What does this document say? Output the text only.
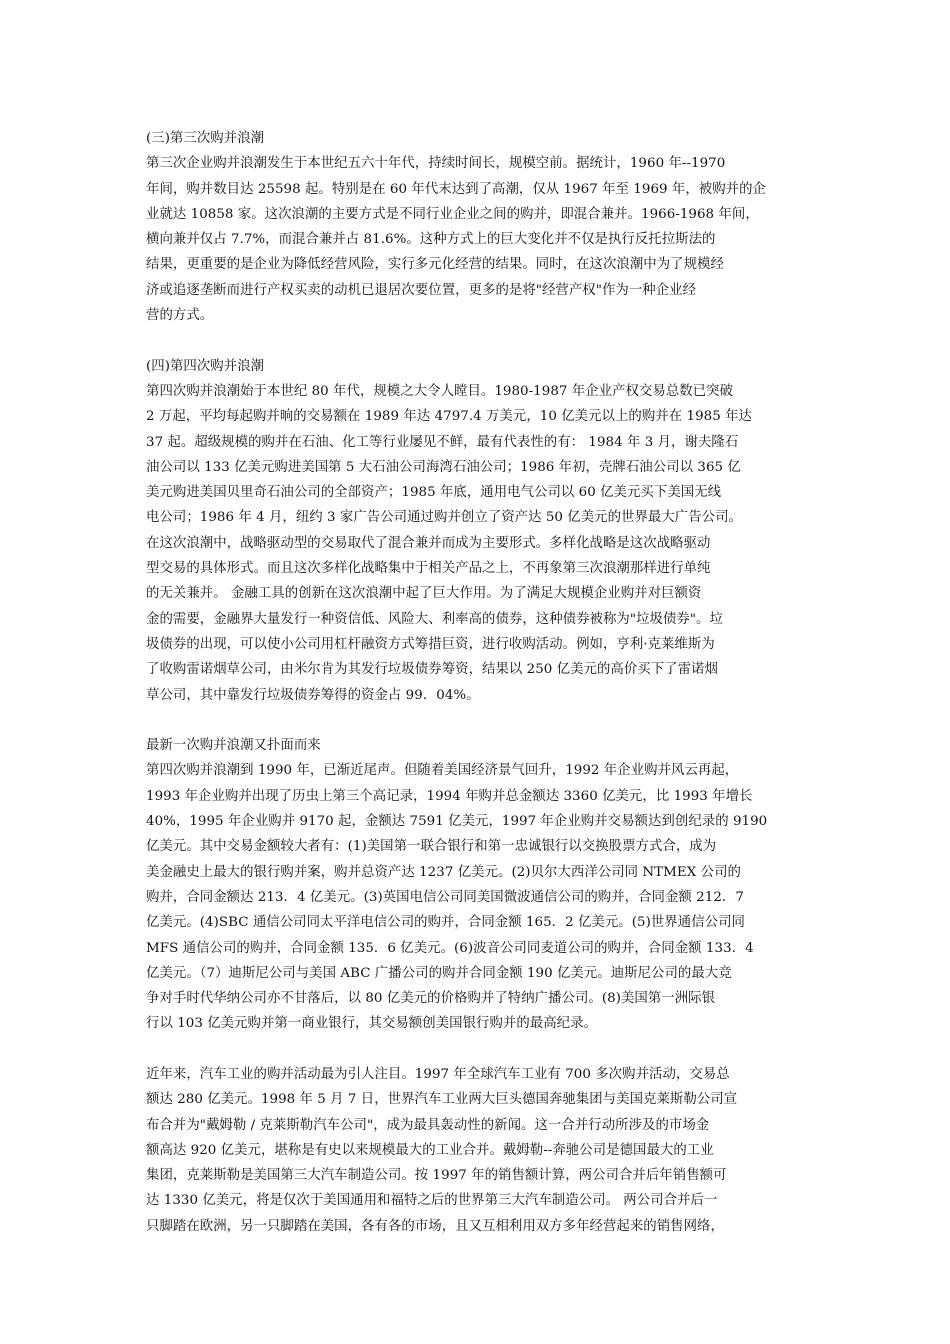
(三)第三次购并浪潮
第三次企业购并浪潮发生于本世纪五六十年代，持续时间长，规模空前。据统计，1960 年--1970
年间，购并数目达 25598 起。特别是在 60 年代末达到了高潮，仅从 1967 年至 1969 年，被购并的企
业就达 10858 家。这次浪潮的主要方式是不同行业企业之间的购并，即混合兼并。1966-1968 年间，
横向兼并仅占 7.7%，而混合兼并占 81.6%。这种方式上的巨大变化并不仅是执行反托拉斯法的
结果，更重要的是企业为降低经营风险，实行多元化经营的结果。同时，在这次浪潮中为了规模经
济或追逐垄断而进行产权买卖的动机已退居次要位置，更多的是将"经营产权"作为一种企业经
营的方式。
(四)第四次购并浪潮
第四次购并浪潮始于本世纪 80 年代，规模之大令人瞠目。1980-1987 年企业产权交易总数已突破
2 万起，平均每起购并晌的交易额在 1989 年达 4797.4 万美元，10 亿美元以上的购并在 1985 年达
37 起。超级规模的购并在石油、化工等行业屡见不鲜，最有代表性的有： 1984 年 3 月，谢夫隆石
油公司以 133 亿美元购进美国第 5 大石油公司海湾石油公司；1986 年初，壳牌石油公司以 365 亿
美元购进美国贝里奇石油公司的全部资产；1985 年底，通用电气公司以 60 亿美元买下美国无线
电公司；1986 年 4 月，纽约 3 家广告公司通过购并创立了资产达 50 亿美元的世界最大广告公司。
在这次浪潮中，战略驱动型的交易取代了混合兼并而成为主要形式。多样化战略是这次战略驱动
型交易的具体形式。而且这次多样化战略集中于相关产品之上，不再象第三次浪潮那样进行单纯
的无关兼并。 金融工具的创新在这次浪潮中起了巨大作用。为了满足大规模企业购并对巨额资
金的需要，金融界大量发行一种资信低、风险大、利率高的债券，这种债券被称为"垃圾债券"。垃
圾债券的出现，可以使小公司用杠杆融资方式筹措巨资，进行收购活动。例如，亨利·克莱维斯为
了收购雷诺烟草公司，由米尔肯为其发行垃圾债券筹资，结果以 250 亿美元的高价买下了雷诺烟
草公司，其中靠发行垃圾债券筹得的资金占 99．04%。
最新一次购并浪潮又扑面而来
第四次购并浪潮到 1990 年，已渐近尾声。但随着美国经济景气回升，1992 年企业购并风云再起，
1993 年企业购并出现了历虫上第三个高记录，1994 年购并总金额达 3360 亿美元，比 1993 年增长
40%，1995 年企业购并 9170 起，金额达 7591 亿美元，1997 年企业购并交易额达到创纪录的 9190
亿美元。其中交易金额较大者有：(1)美国第一联合银行和第一忠诚银行以交换股票方式合，成为
美金融史上最大的银行购并案，购并总资产达 1237 亿美元。(2)贝尔大西洋公司同 NTMEX 公司的
购并，合同金额达 213．4 亿美元。(3)英国电信公司同美国微波通信公司的购并，合同金额 212．7
亿美元。(4)SBC 通信公司同太平洋电信公司的购并，合同金额 165．2 亿美元。(5)世界通信公司同
MFS 通信公司的购并，合同金额 135．6 亿美元。(6)波音公司同麦道公司的购并，合同金额 133．4
亿美元。（7）迪斯尼公司与美国 ABC 广播公司的购并合同金额 190 亿美元。迪斯尼公司的最大竞
争对手时代华纳公司亦不甘落后，以 80 亿美元的价格购并了特纳广播公司。(8)美国第一洲际银
行以 103 亿美元购并第一商业银行，其交易额创美国银行购并的最高纪录。
近年来，汽车工业的购并活动最为引人注目。1997 年全球汽车工业有 700 多次购并活动，交易总
额达 280 亿美元。1998 年 5 月 7 日，世界汽车工业两大巨头德国奔驰集团与美国克莱斯勒公司宣
布合并为"戴姆勒 / 克莱斯勒汽车公司"，成为最具轰动性的新闻。这一合并行动所涉及的市场金
额高达 920 亿美元，堪称是有史以来规模最大的工业合并。戴姆勒--奔驰公司是德国最大的工业
集团，克莱斯勒是美国第三大汽车制造公司。按 1997 年的销售额计算，两公司合并后年销售额可
达 1330 亿美元，将是仅次于美国通用和福特之后的世界第三大汽车制造公司。 两公司合并后一
只脚踏在欧洲，另一只脚踏在美国，各有各的市场，且又互相利用双方多年经营起来的销售网络，
